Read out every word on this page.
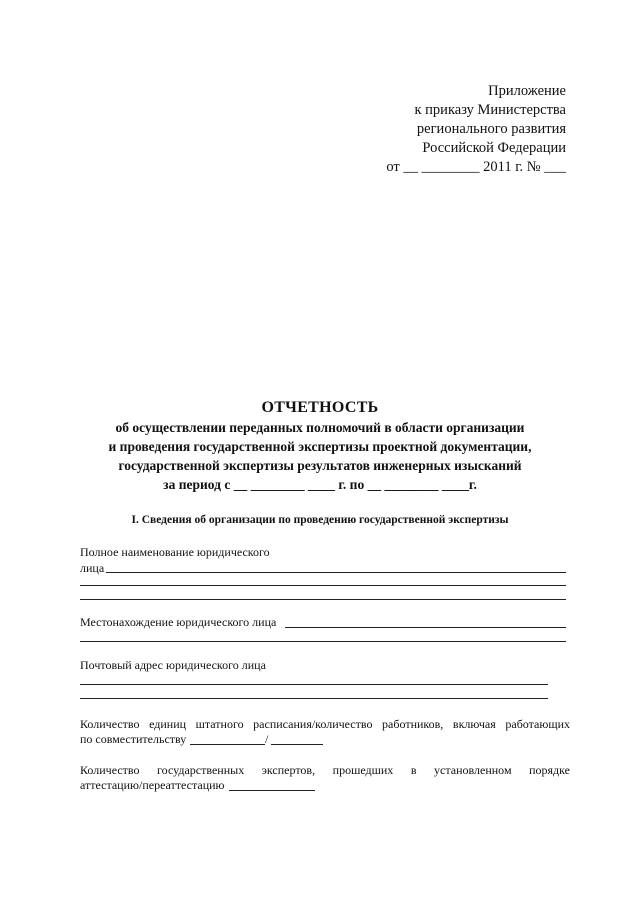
Приложение
к приказу Министерства
регионального развития
Российской Федерации
от __ ________ 2011 г. № ___
ОТЧЕТНОСТЬ
об осуществлении переданных полномочий в области организации
и проведения государственной экспертизы проектной документации,
государственной экспертизы результатов инженерных изысканий
за период с __ ________ ____ г. по __ ________ ____г.
I. Сведения об организации по проведению государственной экспертизы
Полное наименование юридического
лица
Местонахождение юридического лица
Почтовый адрес юридического лица
Количество единиц штатного расписания/количество работников, включая работающих
по совместительству	/
Количество государственных экспертов, прошедших в установленном порядке
аттестацию/переаттестацию
